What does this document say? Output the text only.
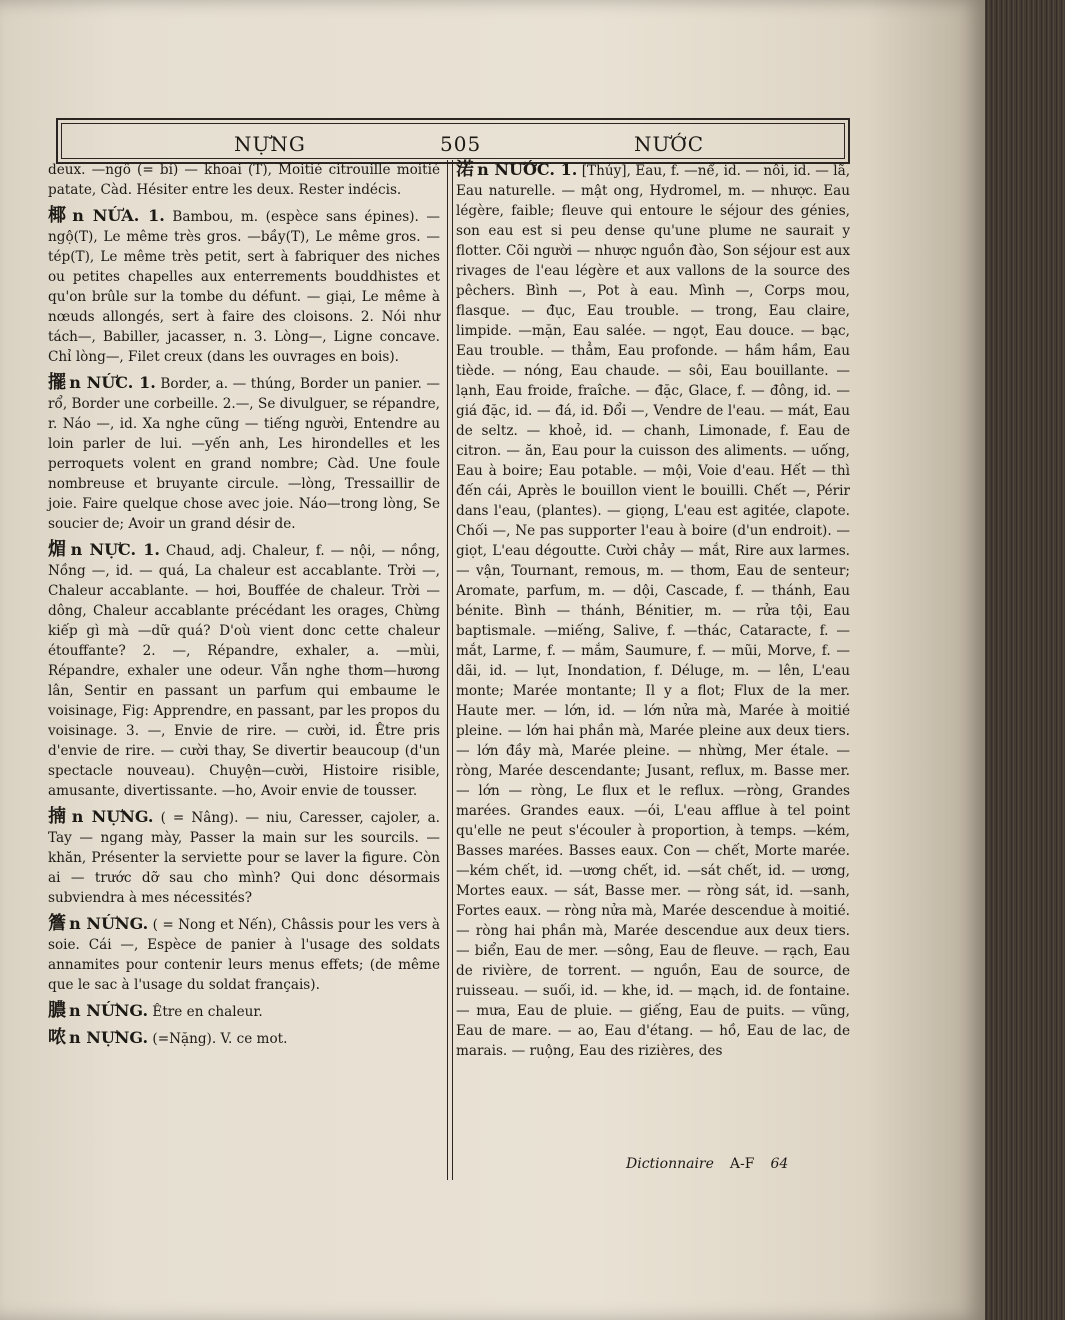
NỰNG	505	NƯỚC

deux. —ngô (= bí) — khoai (T), Moitié citrouille moitié patate, Càd. Hésiter entre les deux. Rester indécis.

椰 n NỨA. 1. Bambou, m. (espèce sans épines). —ngộ(T), Le même très gros. —bầy(T), Le même gros. —tép(T), Le même très petit, sert à fabriquer des niches ou petites chapelles aux enterrements bouddhistes et qu'on brûle sur la tombe du défunt. — giại, Le même à nœuds allongés, sert à faire des cloisons. 2. Nói như tách—, Babiller, jacasser, n. 3. Lòng—, Ligne concave. Chỉ lòng—, Filet creux (dans les ouvrages en bois).

擺 n NỨC. 1. Border, a. — thúng, Border un panier. —rổ, Border une corbeille. 2.—, Se divulguer, se répandre, r. Náo —, id. Xa nghe cũng — tiếng người, Entendre au loin parler de lui. —yến anh, Les hirondelles et les perroquets volent en grand nombre; Càd. Une foule nombreuse et bruyante circule. —lòng, Tressaillir de joie. Faire quelque chose avec joie. Náo—trong lòng, Se soucier de; Avoir un grand désir de.

煝 n NỰC. 1. Chaud, adj. Chaleur, f. — nội, — nồng, Nồng —, id. — quá, La chaleur est accablante. Trời —, Chaleur accablante. — hơi, Bouffée de chaleur. Trời — dông, Chaleur accablante précédant les orages, Chừng kiếp gì mà —dữ quá? D'où vient donc cette chaleur étouffante? 2. —, Répandre, exhaler, a. —mùi, Répandre, exhaler une odeur. Vẫn nghe thơm—hương lân, Sentir en passant un parfum qui embaume le voisinage, Fig: Apprendre, en passant, par les propos du voisinage. 3. —, Envie de rire. — cười, id. Être pris d'envie de rire. — cười thay, Se divertir beaucoup (d'un spectacle nouveau). Chuyện—cười, Histoire risible, amusante, divertissante. —ho, Avoir envie de tousser.

揇 n NỰNG. ( = Nâng). — niu, Caresser, cajoler, a. Tay — ngang mày, Passer la main sur les sourcils. — khăn, Présenter la serviette pour se laver la figure. Còn ai — trước dỡ sau cho mình? Qui donc désormais subviendra à mes nécessités?

簷 n NỨNG. ( = Nong et Nến), Châssis pour les vers à soie. Cái —, Espèce de panier à l'usage des soldats annamites pour contenir leurs menus effets; (de même que le sac à l'usage du soldat français).

膿 n NỨNG. Être en chaleur.

哝 n NỰNG. (=Nặng). V. ce mot.

渃 n NƯỚC. 1. [Thủy], Eau, f. —nể, id. — nôi, id. — lã, Eau naturelle. — mật ong, Hydromel, m. — nhược. Eau légère, faible; fleuve qui entoure le séjour des génies, son eau est si peu dense qu'une plume ne saurait y flotter. Cõi người — nhược nguồn đào, Son séjour est aux rivages de l'eau légère et aux vallons de la source des pêchers. Bình —, Pot à eau. Mình —, Corps mou, flasque. — đục, Eau trouble. — trong, Eau claire, limpide. —mặn, Eau salée. — ngọt, Eau douce. — bạc, Eau trouble. — thẳm, Eau profonde. — hầm hầm, Eau tiède. — nóng, Eau chaude. — sôi, Eau bouillante. — lạnh, Eau froide, fraîche. — đặc, Glace, f. — đông, id. — giá đặc, id. — đá, id. Đổi —, Vendre de l'eau. — mát, Eau de seltz. — khoẻ, id. — chanh, Limonade, f. Eau de citron. — ăn, Eau pour la cuisson des aliments. — uống, Eau à boire; Eau potable. — mội, Voie d'eau. Hết — thì đến cái, Après le bouillon vient le bouilli. Chết —, Périr dans l'eau, (plantes). — giọng, L'eau est agitée, clapote. Chối —, Ne pas supporter l'eau à boire (d'un endroit). — giọt, L'eau dégoutte. Cười chảy — mắt, Rire aux larmes. — vận, Tournant, remous, m. — thơm, Eau de senteur; Aromate, parfum, m. — dội, Cascade, f. — thánh, Eau bénite. Bình — thánh, Bénitier, m. — rửa tội, Eau baptismale. —miếng, Salive, f. —thác, Cataracte, f. — mắt, Larme, f. — mắm, Saumure, f. — mũi, Morve, f. — dãi, id. — lụt, Inondation, f. Déluge, m. — lên, L'eau monte; Marée montante; Il y a flot; Flux de la mer. Haute mer. — lớn, id. — lớn nửa mà, Marée à moitié pleine. — lớn hai phần mà, Marée pleine aux deux tiers. — lớn đầy mà, Marée pleine. — nhừng, Mer étale. — ròng, Marée descendante; Jusant, reflux, m. Basse mer. — lớn — ròng, Le flux et le reflux. —ròng, Grandes marées. Grandes eaux. —ói, L'eau afflue à tel point qu'elle ne peut s'écouler à proportion, à temps. —kém, Basses marées. Basses eaux. Con — chết, Morte marée. —kém chết, id. —ương chết, id. —sát chết, id. — ương, Mortes eaux. — sát, Basse mer. — ròng sát, id. —sanh, Fortes eaux. — ròng nửa mà, Marée descendue à moitié. — ròng hai phần mà, Marée descendue aux deux tiers. — biển, Eau de mer. —sông, Eau de fleuve. — rạch, Eau de rivière, de torrent. — nguồn, Eau de source, de ruisseau. — suối, id. — khe, id. — mạch, id. de fontaine. — mưa, Eau de pluie. — giếng, Eau de puits. — vũng, Eau de mare. — ao, Eau d'étang. — hồ, Eau de lac, de marais. — ruộng, Eau des rizières, des

Dictionnaire A-F 64
